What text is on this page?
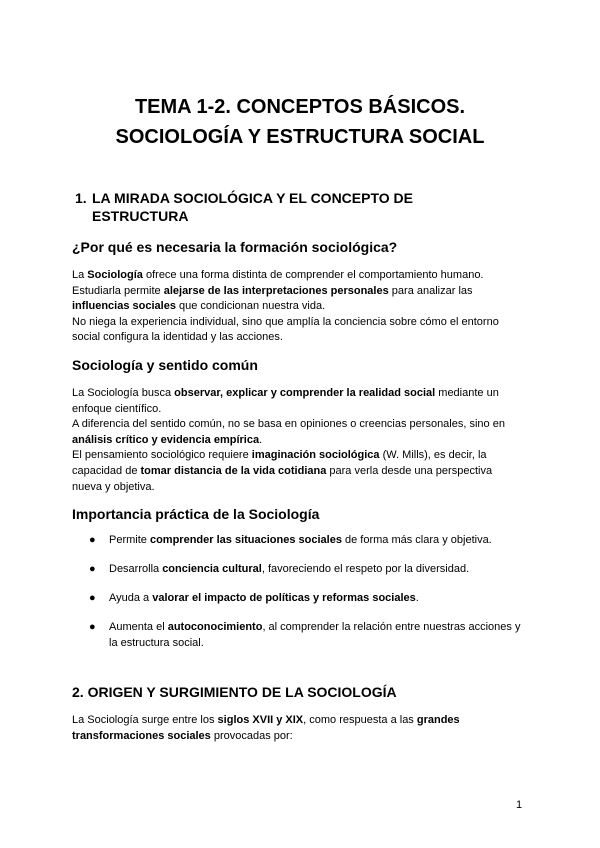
TEMA 1-2. CONCEPTOS BÁSICOS.
SOCIOLOGÍA Y ESTRUCTURA SOCIAL
1. LA MIRADA SOCIOLÓGICA Y EL CONCEPTO DE
ESTRUCTURA
¿Por qué es necesaria la formación sociológica?

La Sociología ofrece una forma distinta de comprender el comportamiento humano.
Estudiarla permite alejarse de las interpretaciones personales para analizar las
influencias sociales que condicionan nuestra vida.
No niega la experiencia individual, sino que amplía la conciencia sobre cómo el entorno
social configura la identidad y las acciones.

Sociología y sentido común

La Sociología busca observar, explicar y comprender la realidad social mediante un
enfoque científico.
A diferencia del sentido común, no se basa en opiniones o creencias personales, sino en
análisis crítico y evidencia empírica.
El pensamiento sociológico requiere imaginación sociológica (W. Mills), es decir, la
capacidad de tomar distancia de la vida cotidiana para verla desde una perspectiva
nueva y objetiva.

Importancia práctica de la Sociología
● Permite comprender las situaciones sociales de forma más clara y objetiva.
● Desarrolla conciencia cultural, favoreciendo el respeto por la diversidad.
● Ayuda a valorar el impacto de políticas y reformas sociales.
● Aumenta el autoconocimiento, al comprender la relación entre nuestras acciones y
la estructura social.
2. ORIGEN Y SURGIMIENTO DE LA SOCIOLOGÍA

La Sociología surge entre los siglos XVII y XIX, como respuesta a las grandes
transformaciones sociales provocadas por:

1
